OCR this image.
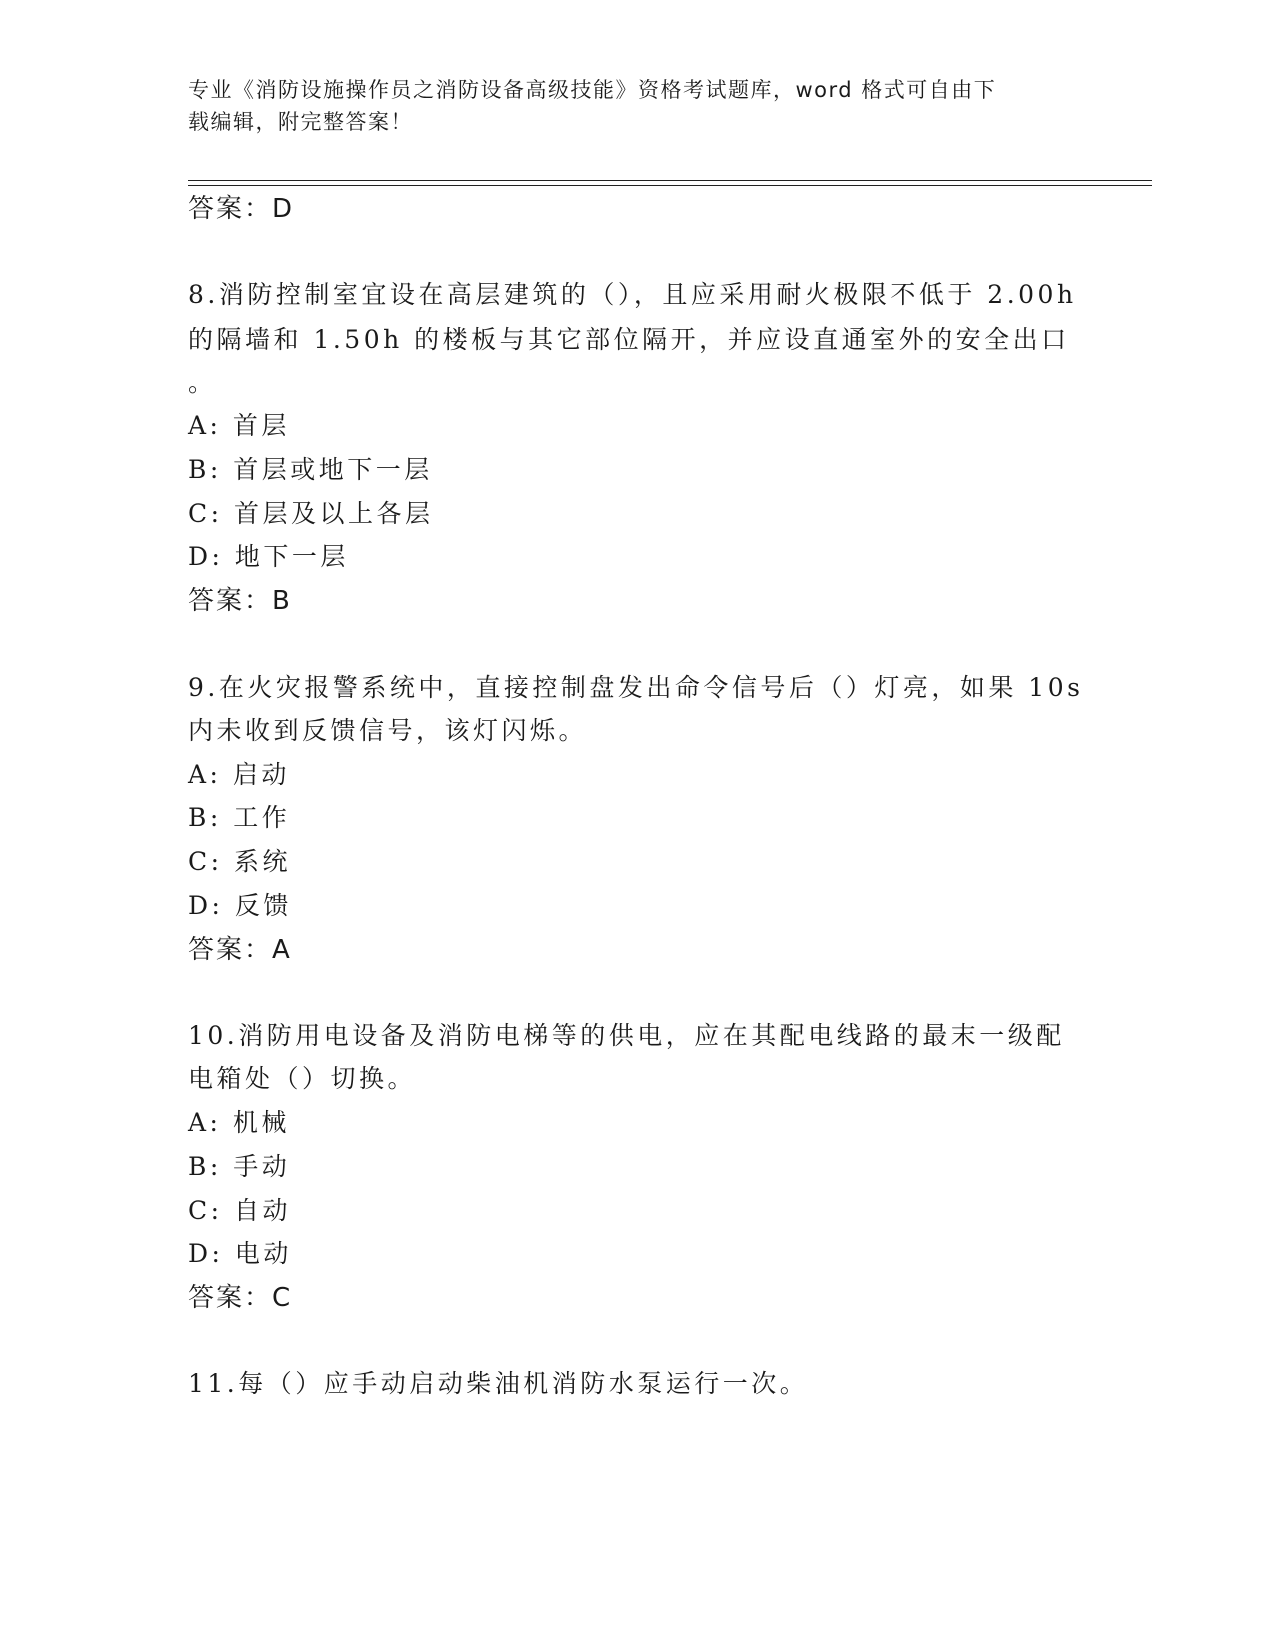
专业《消防设施操作员之消防设备高级技能》资格考试题库，word 格式可自由下
载编辑，附完整答案！
答案：D
8.消防控制室宜设在高层建筑的（），且应采用耐火极限不低于 2.00h
的隔墙和 1.50h 的楼板与其它部位隔开，并应设直通室外的安全出口
。
A: 首层
B: 首层或地下一层
C: 首层及以上各层
D: 地下一层
答案：B
9.在火灾报警系统中，直接控制盘发出命令信号后（）灯亮，如果 10s
内未收到反馈信号，该灯闪烁。
A: 启动
B: 工作
C: 系统
D: 反馈
答案：A
10.消防用电设备及消防电梯等的供电，应在其配电线路的最末一级配
电箱处（）切换。
A: 机械
B: 手动
C: 自动
D: 电动
答案：C
11.每（）应手动启动柴油机消防水泵运行一次。
